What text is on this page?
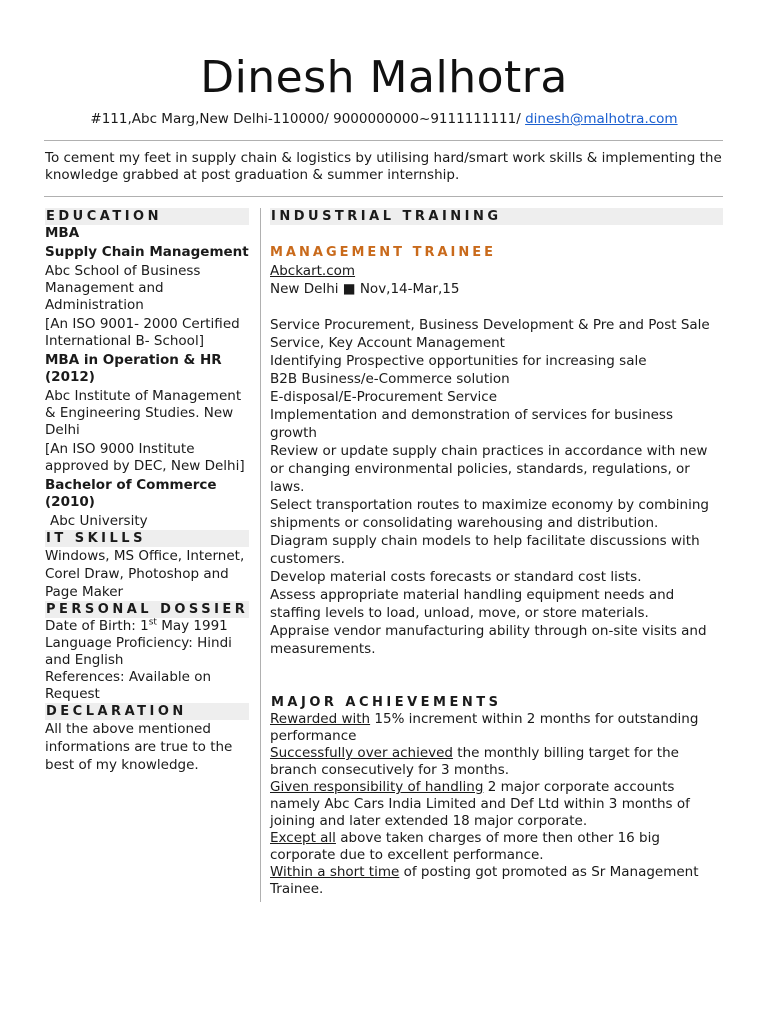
Dinesh Malhotra
#111,Abc Marg,New Delhi-110000/ 9000000000~9111111111/ dinesh@malhotra.com
To cement my feet in supply chain & logistics by utilising hard/smart work skills & implementing the knowledge grabbed at post graduation & summer internship.
EDUCATION
MBA
Supply Chain Management
Abc School of Business Management and Administration
[An ISO 9001- 2000 Certified International B- School]
MBA in Operation & HR (2012)
Abc Institute of Management & Engineering Studies. New Delhi
[An ISO 9000 Institute approved by DEC, New Delhi]
Bachelor of Commerce (2010)
Abc University
IT SKILLS
Windows, MS Office, Internet, Corel Draw, Photoshop and Page Maker
PERSONAL DOSSIER
Date of Birth: 1st May 1991
Language Proficiency: Hindi and English
References: Available on Request
DECLARATION
All the above mentioned informations are true to the best of my knowledge.
INDUSTRIAL TRAINING
MANAGEMENT TRAINEE
Abckart.com
New Delhi ■ Nov,14-Mar,15
Service Procurement, Business Development & Pre and Post Sale Service, Key Account Management
Identifying Prospective opportunities for increasing sale
B2B Business/e-Commerce solution
E-disposal/E-Procurement Service
Implementation and demonstration of services for business growth
Review or update supply chain practices in accordance with new or changing environmental policies, standards, regulations, or laws.
Select transportation routes to maximize economy by combining shipments or consolidating warehousing and distribution.
Diagram supply chain models to help facilitate discussions with customers.
Develop material costs forecasts or standard cost lists.
Assess appropriate material handling equipment needs and staffing levels to load, unload, move, or store materials.
Appraise vendor manufacturing ability through on-site visits and measurements.
MAJOR ACHIEVEMENTS
Rewarded with 15% increment within 2 months for outstanding performance
Successfully over achieved the monthly billing target for the branch consecutively for 3 months.
Given responsibility of handling 2 major corporate accounts namely Abc Cars India Limited and Def Ltd within 3 months of joining and later extended 18 major corporate.
Except all above taken charges of more then other 16 big corporate due to excellent performance.
Within a short time of posting got promoted as Sr Management Trainee.
